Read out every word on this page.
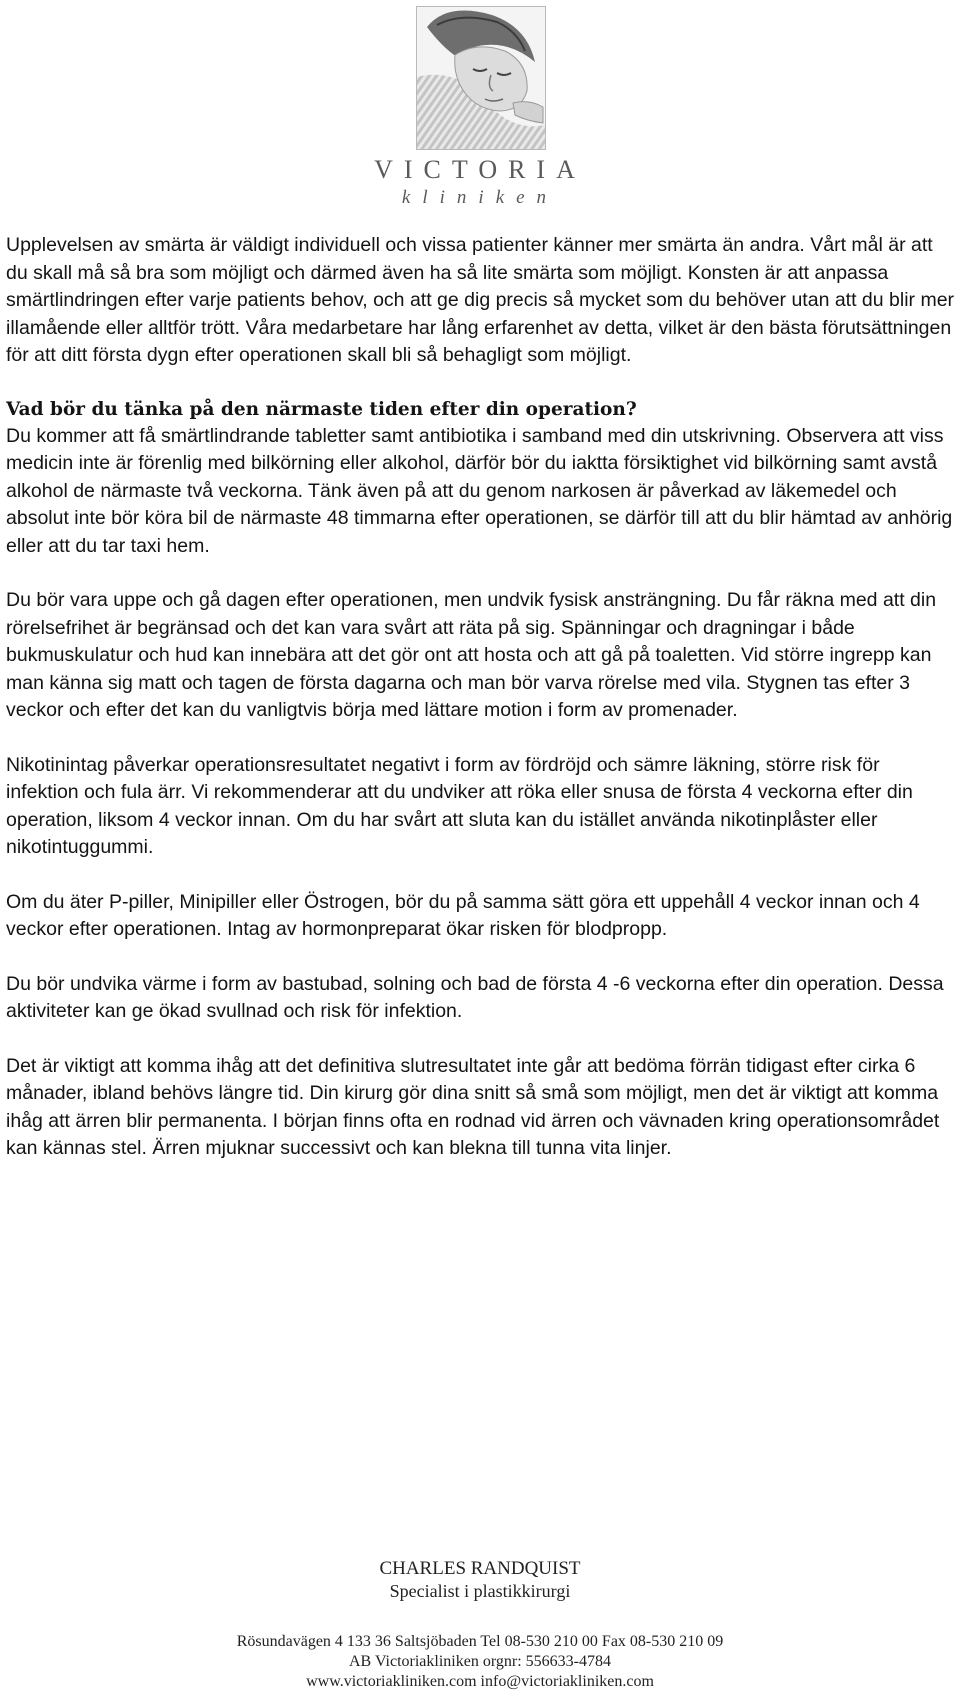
VICTORIA
kliniken

Upplevelsen av smärta är väldigt individuell och vissa patienter känner mer smärta än andra. Vårt mål är att du skall må så bra som möjligt och därmed även ha så lite smärta som möjligt. Konsten är att anpassa smärtlindringen efter varje patients behov, och att ge dig precis så mycket som du behöver utan att du blir mer illamående eller alltför trött. Våra medarbetare har lång erfarenhet av detta, vilket är den bästa förutsättningen för att ditt första dygn efter operationen skall bli så behagligt som möjligt.

Vad bör du tänka på den närmaste tiden efter din operation?

Du kommer att få smärtlindrande tabletter samt antibiotika i samband med din utskrivning. Observera att viss medicin inte är förenlig med bilkörning eller alkohol, därför bör du iaktta försiktighet vid bilkörning samt avstå alkohol de närmaste två veckorna. Tänk även på att du genom narkosen är påverkad av läkemedel och absolut inte bör köra bil de närmaste 48 timmarna efter operationen, se därför till att du blir hämtad av anhörig eller att du tar taxi hem.

Du bör vara uppe och gå dagen efter operationen, men undvik fysisk ansträngning. Du får räkna med att din rörelsefrihet är begränsad och det kan vara svårt att räta på sig. Spänningar och dragningar i både bukmuskulatur och hud kan innebära att det gör ont att hosta och att gå på toaletten. Vid större ingrepp kan man känna sig matt och tagen de första dagarna och man bör varva rörelse med vila. Stygnen tas efter 3 veckor och efter det kan du vanligtvis börja med lättare motion i form av promenader.

Nikotinintag påverkar operationsresultatet negativt i form av fördröjd och sämre läkning, större risk för infektion och fula ärr. Vi rekommenderar att du undviker att röka eller snusa de första 4 veckorna efter din operation, liksom 4 veckor innan. Om du har svårt att sluta kan du istället använda nikotinplåster eller nikotintuggummi.

Om du äter P-piller, Minipiller eller Östrogen, bör du på samma sätt göra ett uppehåll 4 veckor innan och 4 veckor efter operationen. Intag av hormonpreparat ökar risken för blodpropp.

Du bör undvika värme i form av bastubad, solning och bad de första 4 -6 veckorna efter din operation. Dessa aktiviteter kan ge ökad svullnad och risk för infektion.

Det är viktigt att komma ihåg att det definitiva slutresultatet inte går att bedöma förrän tidigast efter cirka 6 månader, ibland behövs längre tid. Din kirurg gör dina snitt så små som möjligt, men det är viktigt att komma ihåg att ärren blir permanenta. I början finns ofta en rodnad vid ärren och vävnaden kring operationsområdet kan kännas stel. Ärren mjuknar successivt och kan blekna till tunna vita linjer.

CHARLES RANDQUIST
Specialist i plastikkirurgi
Rösundavägen 4 133 36 Saltsjöbaden Tel 08-530 210 00 Fax 08-530 210 09
AB Victoriakliniken orgnr: 556633-4784
www.victoriakliniken.com info@victoriakliniken.com
